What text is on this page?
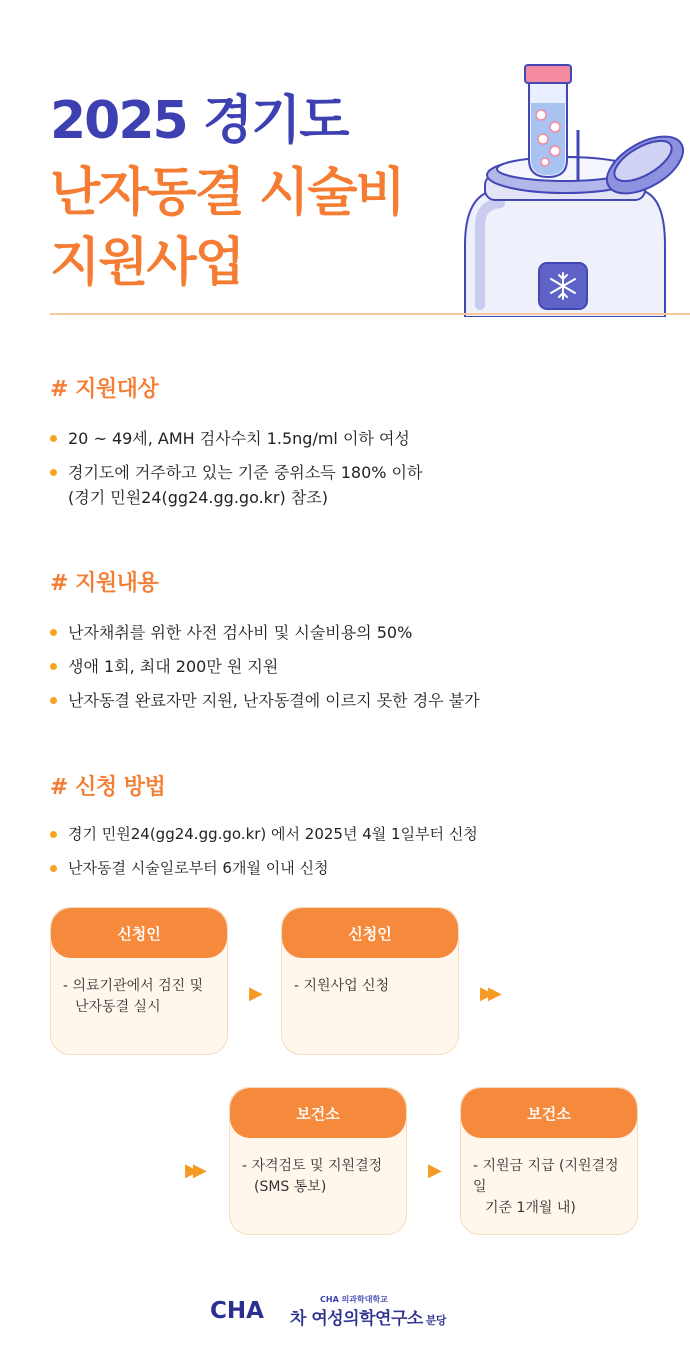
2025 경기도
난자동결 시술비
지원사업
# 지원대상
20 ~ 49세, AMH 검사수치 1.5ng/ml 이하 여성
경기도에 거주하고 있는 기준 중위소득 180% 이하
(경기 민원24(gg24.gg.go.kr) 참조)
# 지원내용
난자채취를 위한 사전 검사비 및 시술비용의 50%
생애 1회, 최대 200만 원 지원
난자동결 완료자만 지원, 난자동결에 이르지 못한 경우 불가
# 신청 방법
경기 민원24(gg24.gg.go.kr) 에서 2025년 4월 1일부터 신청
난자동결 시술일로부터 6개월 이내 신청
신청인
- 의료기관에서 검진 및
난자동결 실시
▶
신청인
- 지원사업 신청	▶▶
▶▶
보건소
- 자격검토 및 지원결정
(SMS 통보)
▶
보건소
- 지원금 지급 (지원결정일
기준 1개월 내)
CHA	CHA 의과학대학교
차 여성의학연구소 분당
